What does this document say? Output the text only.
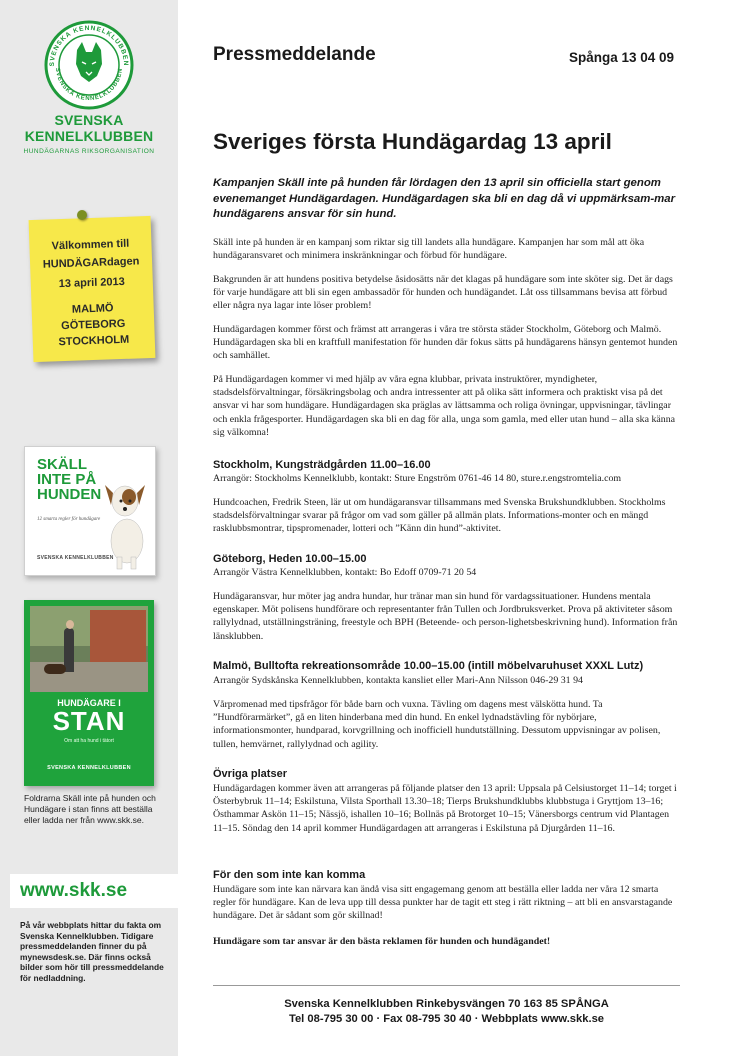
SVENSKA KENNELKLUBBEN
SVENSKA KENNELKLUBBEN
SVENSKA
KENNELKLUBBEN
HUNDÄGARNAS RIKSORGANISATION
Välkommen till
HUNDÄGARdagen
13 april 2013
MALMÖ
GÖTEBORG
STOCKHOLM
SKÄLL
INTE PÅ
HUNDEN
12 smarta regler för hundägare
SVENSKA KENNELKLUBBEN
HUNDÄGARE I
STAN
Om att ha hund i tätort
SVENSKA KENNELKLUBBEN
Foldrarna Skäll inte på hunden och Hundägare i stan finns att beställa eller ladda ner från www.skk.se.
www.skk.se
På vår webbplats hittar du fakta om Svenska Kennelklubben. Tidigare pressmeddelanden finner du på mynewsdesk.se. Där finns också bilder som hör till pressmeddelande för nedladdning.
Pressmeddelande	Spånga 13 04 09
Sveriges första Hundägardag 13 april
Kampanjen Skäll inte på hunden får lördagen den 13 april sin officiella start genom evenemanget Hundägardagen. Hundägardagen ska bli en dag då vi uppmärksam-mar hundägarens ansvar för sin hund.

Skäll inte på hunden är en kampanj som riktar sig till landets alla hundägare. Kampanjen har som mål att öka hundägaransvaret och minimera inskränkningar och förbud för hundägare.

Bakgrunden är att hundens positiva betydelse åsidosätts när det klagas på hundägare som inte sköter sig. Det är dags för varje hundägare att bli sin egen ambassadör för hunden och hundägandet. Låt oss tillsammans bevisa att förbud eller några nya lagar inte löser problem!

Hundägardagen kommer först och främst att arrangeras i våra tre största städer Stockholm, Göteborg och Malmö. Hundägardagen ska bli en kraftfull manifestation för hunden där fokus sätts på hundägarens hänsyn gentemot hunden och samhället.

På Hundägardagen kommer vi med hjälp av våra egna klubbar, privata instruktörer, myndigheter, stadsdelsförvaltningar, försäkringsbolag och andra intressenter att på olika sätt informera och praktiskt visa på det ansvar vi har som hundägare. Hundägardagen ska präglas av lättsamma och roliga övningar, uppvisningar, tävlingar och enkla frågesporter. Hundägardagen ska bli en dag för alla, unga som gamla, med eller utan hund – alla ska känna sig välkomna!

Stockholm, Kungsträdgården 11.00–16.00
Arrangör: Stockholms Kennelklubb, kontakt: Sture Engström 0761-46 14 80, sture.r.engstromtelia.com

Hundcoachen, Fredrik Steen, lär ut om hundägaransvar tillsammans med Svenska Brukshundklubben. Stockholms stadsdelsförvaltningar svarar på frågor om vad som gäller på allmän plats. Informations-monter och en mängd rasklubbsmontrar, tipspromenader, lotteri och ”Känn din hund”-aktivitet.

Göteborg, Heden 10.00–15.00
Arrangör Västra Kennelklubben, kontakt: Bo Edoff 0709-71 20 54

Hundägaransvar, hur möter jag andra hundar, hur tränar man sin hund för vardagssituationer. Hundens mentala egenskaper. Möt polisens hundförare och representanter från Tullen och Jordbruksverket. Prova på aktiviteter såsom rallylydnad, utställningsträning, freestyle och BPH (Beteende- och person-lighetsbeskrivning hund). Information från länsklubben.

Malmö, Bulltofta rekreationsområde 10.00–15.00 (intill möbelvaruhuset XXXL Lutz)
Arrangör Sydskånska Kennelklubben, kontakta kansliet eller Mari-Ann Nilsson 046-29 31 94

Vårpromenad med tipsfrågor för både barn och vuxna. Tävling om dagens mest välskötta hund. Ta ”Hundförarmärket”, gå en liten hinderbana med din hund. En enkel lydnadstävling för nybörjare, informationsmonter, hundparad, korvgrillning och inofficiell hundutställning. Dessutom uppvisningar av polisen, tullen, hemvärnet, rallylydnad och agility.

Övriga platser

Hundägardagen kommer även att arrangeras på följande platser den 13 april: Uppsala på Celsiustorget 11–14; torget i Österbybruk 11–14; Eskilstuna, Vilsta Sporthall 13.30–18; Tierps Brukshundklubbs klubbstuga i Gryttjom 13–16; Östhammar Askön 11–15; Nässjö, ishallen 10–16; Bollnäs på Brotorget 10–15; Vänersborgs centrum vid Plantagen 11–15. Söndag den 14 april kommer Hundägardagen att arrangeras i Eskilstuna på Djurgården 11–16.

För den som inte kan komma

Hundägare som inte kan närvara kan ändå visa sitt engagemang genom att beställa eller ladda ner våra 12 smarta regler för hundägare. Kan de leva upp till dessa punkter har de tagit ett steg i rätt riktning – att bli en ansvarstagande hundägare. Det är sådant som gör skillnad!

Hundägare som tar ansvar är den bästa reklamen för hunden och hundägandet!
Svenska Kennelklubben Rinkebysvängen 70 163 85 SPÅNGA
Tel 08-795 30 00 · Fax 08-795 30 40 · Webbplats www.skk.se
